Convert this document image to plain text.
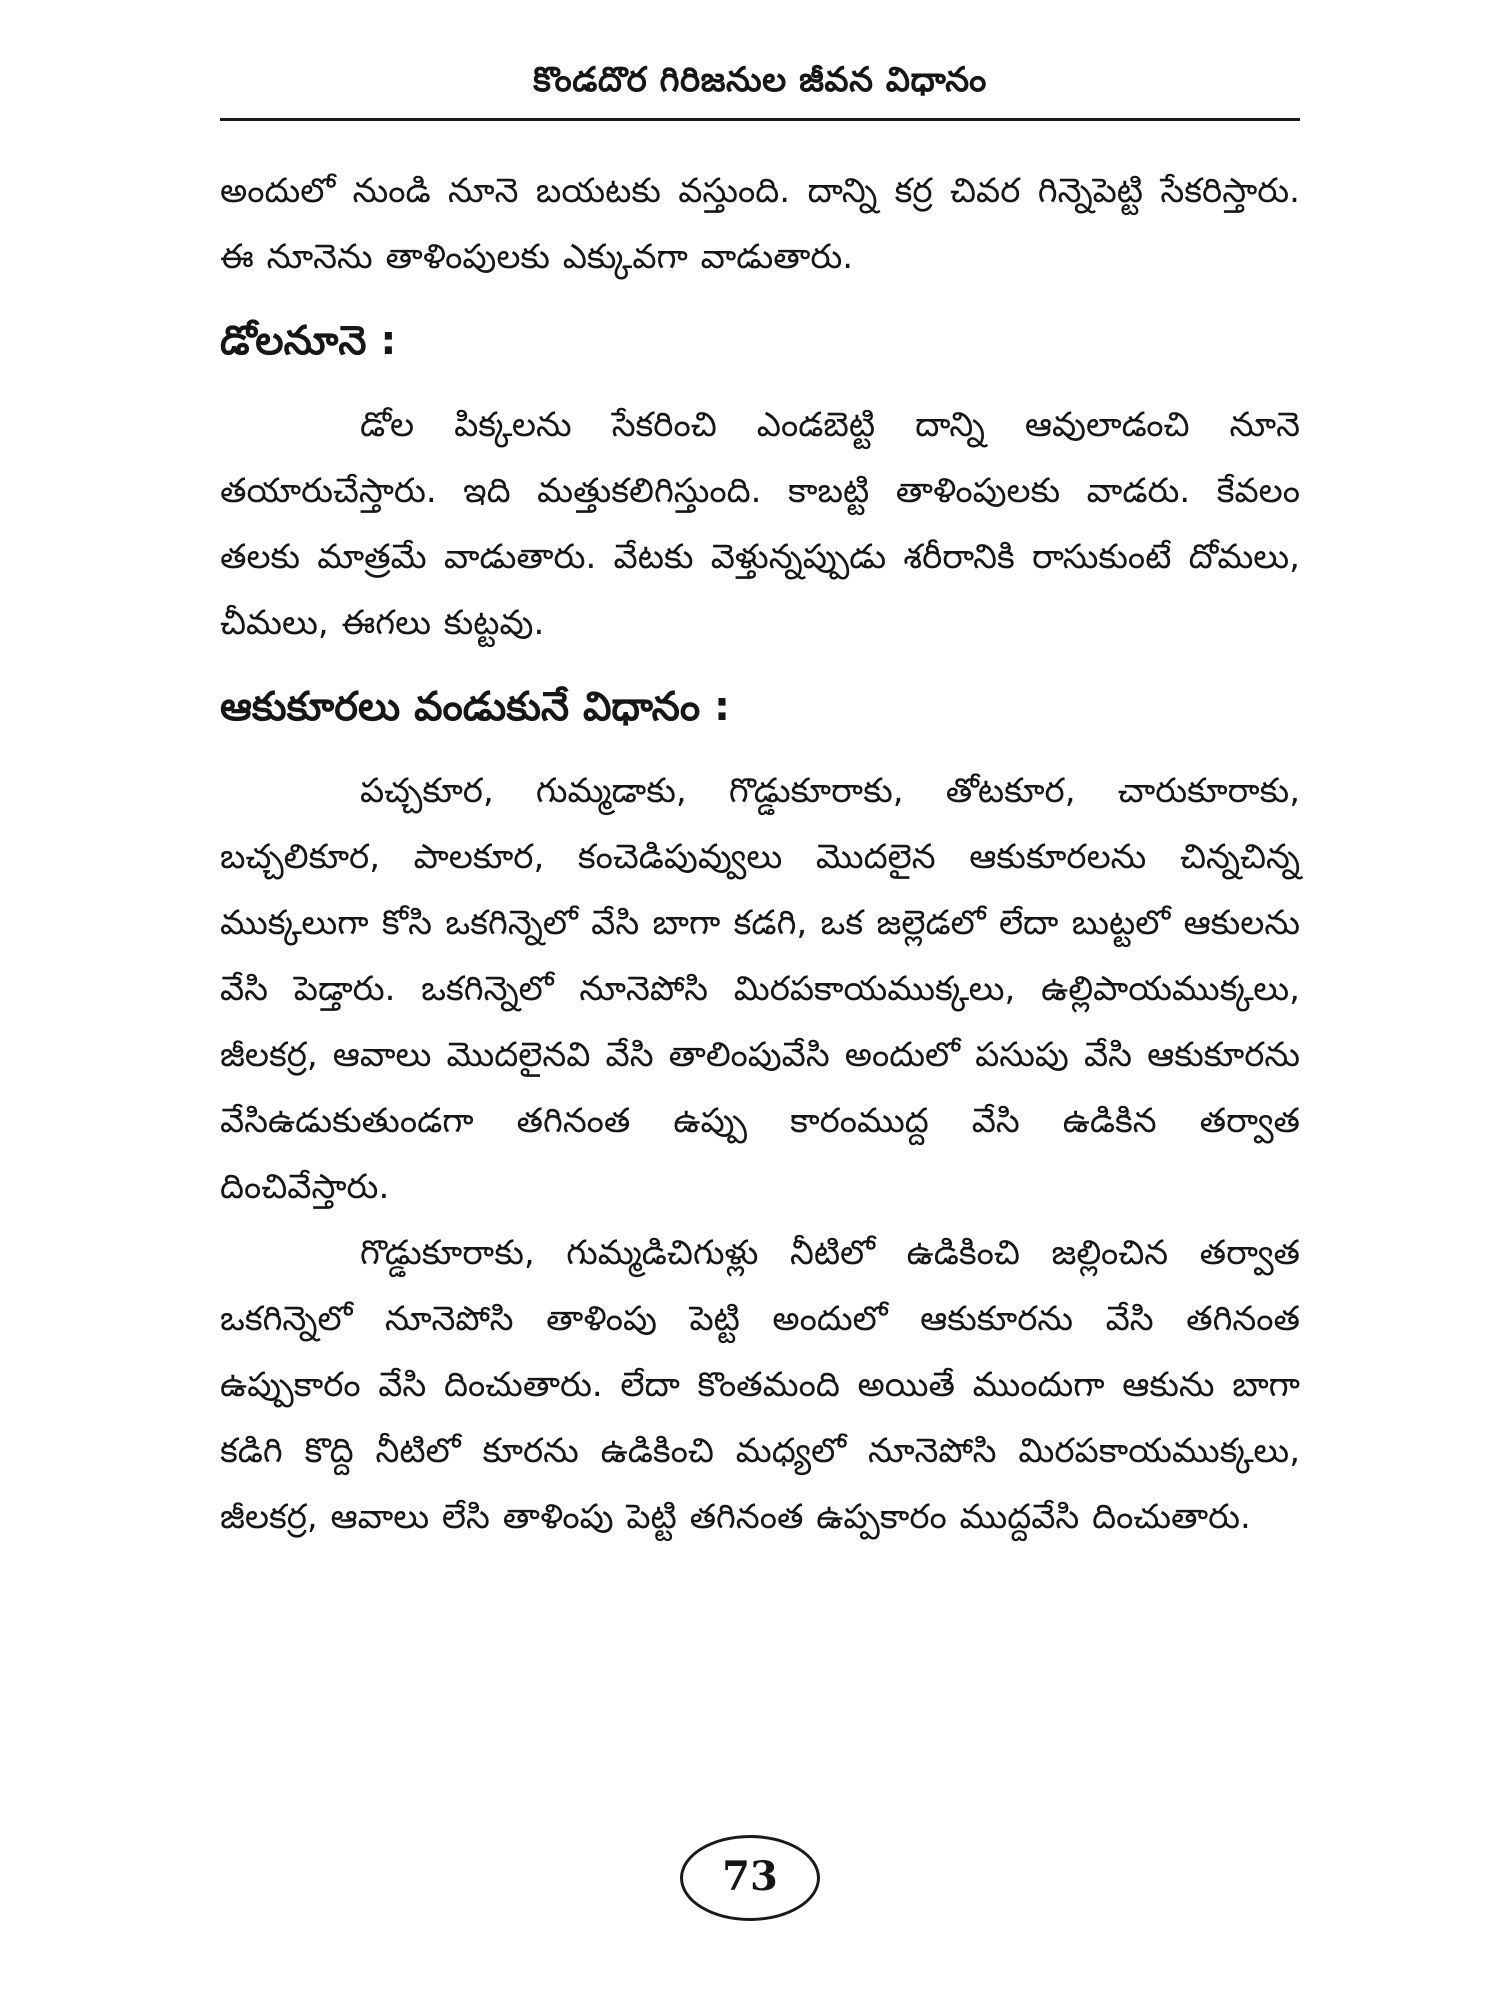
కొండదొర గిరిజనుల జీవన విధానం

అందులో నుండి నూనె బయటకు వస్తుంది. దాన్ని కర్ర చివర గిన్నెపెట్టి సేకరిస్తారు. ఈ నూనెను తాళింపులకు ఎక్కువగా వాడుతారు.

డోలనూనె :

డోల పిక్కలను సేకరించి ఎండబెట్టి దాన్ని ఆవులాడంచి నూనె తయారుచేస్తారు. ఇది మత్తుకలిగిస్తుంది. కాబట్టి తాళింపులకు వాడరు. కేవలం తలకు మాత్రమే వాడుతారు. వేటకు వెళ్తున్నప్పుడు శరీరానికి రాసుకుంటే దోమలు, చీమలు, ఈగలు కుట్టవు.

ఆకుకూరలు వండుకునే విధానం :

పచ్చకూర, గుమ్మడాకు, గొడ్డుకూరాకు, తోటకూర, చారుకూరాకు, బచ్చలికూర, పాలకూర, కంచెడిపువ్వులు మొదలైన ఆకుకూరలను చిన్నచిన్న ముక్కలుగా కోసి ఒకగిన్నెలో వేసి బాగా కడగి, ఒక జల్లెడలో లేదా బుట్టలో ఆకులను వేసి పెడ్తారు. ఒకగిన్నెలో నూనెపోసి మిరపకాయముక్కలు, ఉల్లిపాయముక్కలు, జీలకర్ర, ఆవాలు మొదలైనవి వేసి తాలింపువేసి అందులో పసుపు వేసి ఆకుకూరను వేసిఉడుకుతుండగా తగినంత ఉప్పు కారంముద్ద వేసి ఉడికిన తర్వాత దించివేస్తారు.

గొడ్డుకూరాకు, గుమ్మడిచిగుళ్లు నీటిలో ఉడికించి జల్లించిన తర్వాత ఒకగిన్నెలో నూనెపోసి తాళింపు పెట్టి అందులో ఆకుకూరను వేసి తగినంత ఉప్పుకారం వేసి దించుతారు. లేదా కొంతమంది అయితే ముందుగా ఆకును బాగా కడిగి కొద్ది నీటిలో కూరను ఉడికించి మధ్యలో నూనెపోసి మిరపకాయముక్కలు, జీలకర్ర, ఆవాలు లేసి తాళింపు పెట్టి తగినంత ఉప్పకారం ముద్దవేసి దించుతారు.

73
